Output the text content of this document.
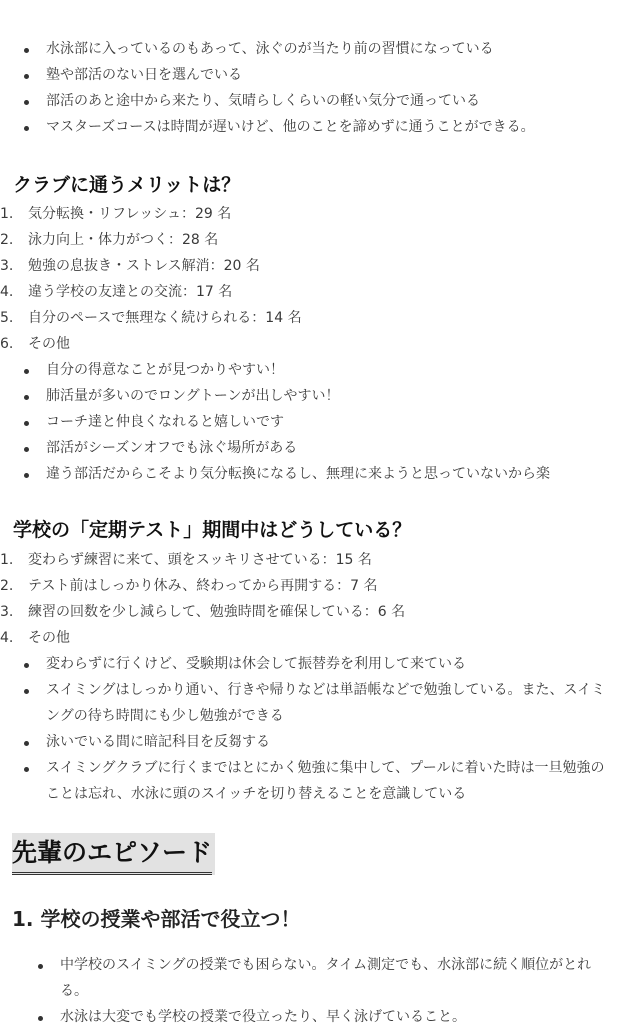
水泳部に入っているのもあって、泳ぐのが当たり前の習慣になっている
塾や部活のない日を選んでいる
部活のあと途中から来たり、気晴らしくらいの軽い気分で通っている
マスターズコースは時間が遅いけど、他のことを諦めずに通うことができる。
クラブに通うメリットは？
1. 気分転換・リフレッシュ：29 名
2. 泳力向上・体力がつく：28 名
3. 勉強の息抜き・ストレス解消：20 名
4. 違う学校の友達との交流：17 名
5. 自分のペースで無理なく続けられる：14 名
6. その他
自分の得意なことが見つかりやすい！
肺活量が多いのでロングトーンが出しやすい！
コーチ達と仲良くなれると嬉しいです
部活がシーズンオフでも泳ぐ場所がある
違う部活だからこそより気分転換になるし、無理に来ようと思っていないから楽
学校の「定期テスト」期間中はどうしている？
1. 変わらず練習に来て、頭をスッキリさせている：15 名
2. テスト前はしっかり休み、終わってから再開する：7 名
3. 練習の回数を少し減らして、勉強時間を確保している：6 名
4. その他
変わらずに行くけど、受験期は休会して振替券を利用して来ている
スイミングはしっかり通い、行きや帰りなどは単語帳などで勉強している。また、スイミングの待ち時間にも少し勉強ができる
泳いでいる間に暗記科目を反芻する
スイミングクラブに行くまではとにかく勉強に集中して、プールに着いた時は一旦勉強のことは忘れ、水泳に頭のスイッチを切り替えることを意識している
先輩のエピソード
1. 学校の授業や部活で役立つ！
中学校のスイミングの授業でも困らない。タイム測定でも、水泳部に続く順位がとれる。
水泳は大変でも学校の授業で役立ったり、早く泳げていること。
